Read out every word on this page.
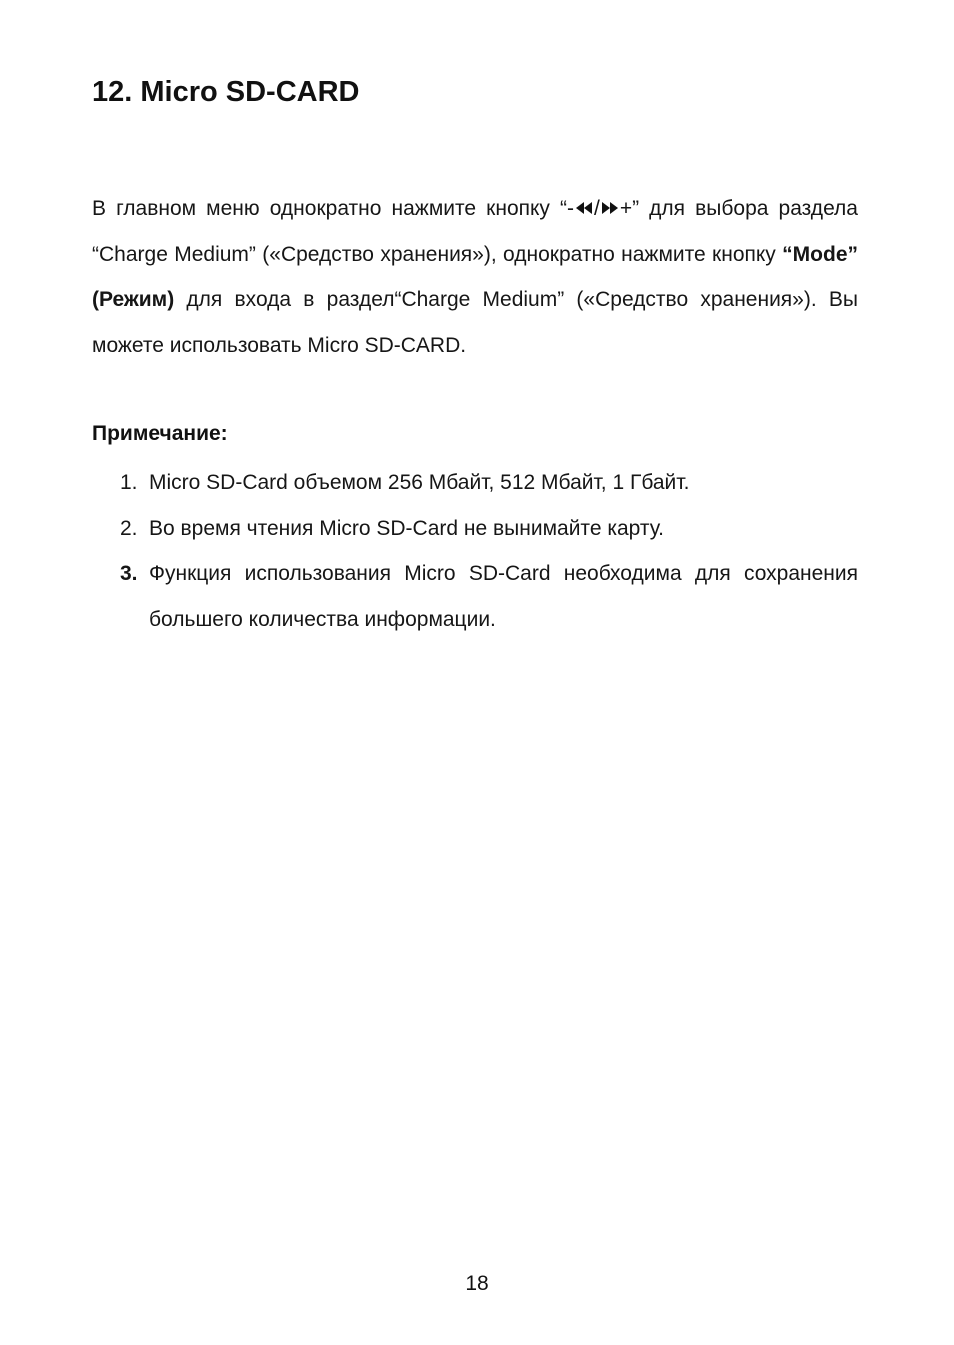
12. Micro SD-CARD

В главном меню однократно нажмите кнопку “- / +” для выбора раздела “Charge Medium” («Средство хранения»), однократно нажмите кнопку “Mode” (Режим) для входа в раздел“Charge Medium” («Средство хранения»). Вы можете использовать Micro SD-CARD.

Примечание:

1. Micro SD-Card объемом 256 Мбайт, 512 Мбайт, 1 Гбайт.
2. Во время чтения Micro SD-Card не вынимайте карту.
3. Функция использования Micro SD-Card необходима для сохранения большего количества информации.
18
